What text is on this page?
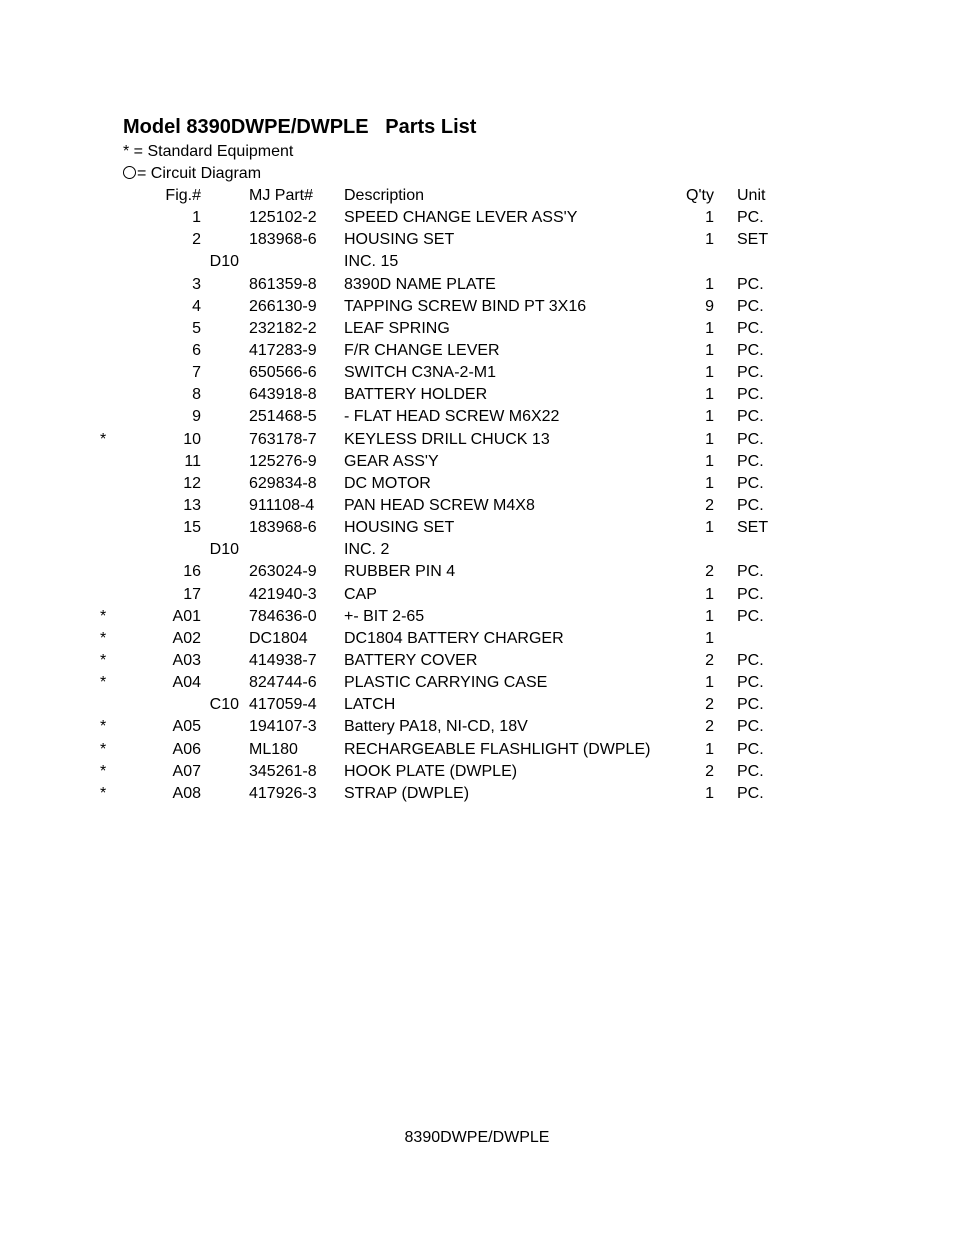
Model 8390DWPE/DWPLE   Parts List
* = Standard Equipment
= Circuit Diagram
Fig.#	MJ Part# Description	Q'ty Unit
1	125102-2 SPEED CHANGE LEVER ASS'Y	1 PC.
2	183968-6 HOUSING SET	1 SET
D10	INC. 15
3	861359-8 8390D NAME PLATE	1 PC.
4	266130-9 TAPPING SCREW BIND PT 3X16	9 PC.
5	232182-2 LEAF SPRING	1 PC.
6	417283-9 F/R CHANGE LEVER	1 PC.
7	650566-6 SWITCH C3NA-2-M1	1 PC.
8	643918-8 BATTERY HOLDER	1 PC.
9	251468-5 - FLAT HEAD SCREW M6X22	1 PC.
*	10	763178-7 KEYLESS DRILL CHUCK 13	1 PC.
11	125276-9 GEAR ASS'Y	1 PC.
12	629834-8 DC MOTOR	1 PC.
13	911108-4 PAN HEAD SCREW M4X8	2 PC.
15	183968-6 HOUSING SET	1 SET
D10	INC. 2
16	263024-9 RUBBER PIN 4	2 PC.
17	421940-3 CAP	1 PC.
*	A01	784636-0 +- BIT 2-65	1 PC.
*	A02	DC1804 DC1804 BATTERY CHARGER	1
*	A03	414938-7 BATTERY COVER	2 PC.
*	A04	824744-6 PLASTIC CARRYING CASE	1 PC.
C10 417059-4 LATCH	2 PC.
*	A05	194107-3 Battery PA18, NI-CD, 18V	2 PC.
*	A06	ML180	RECHARGEABLE FLASHLIGHT (DWPLE)	1 PC.
*	A07	345261-8 HOOK PLATE (DWPLE)	2 PC.
*	A08	417926-3 STRAP (DWPLE)	1 PC.
8390DWPE/DWPLE
